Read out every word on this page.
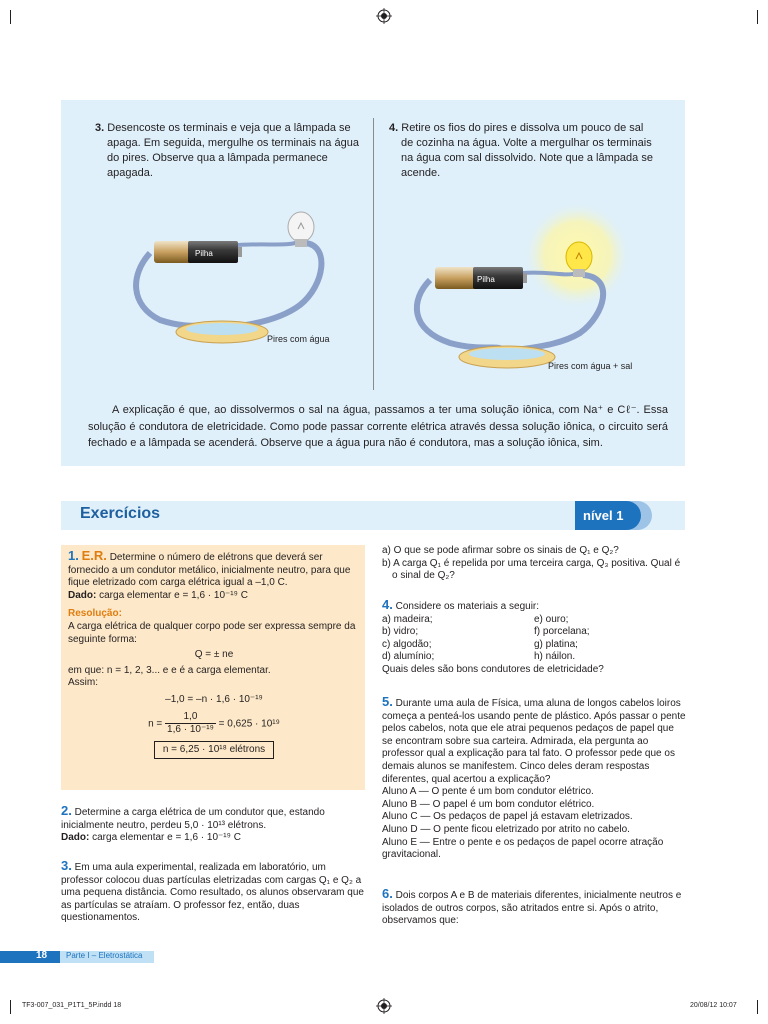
3. Desencoste os terminais e veja que a lâmpada se apaga. Em seguida, mergulhe os terminais na água do pires. Observe qua a lâmpada permanece apagada.
4. Retire os fios do pires e dissolva um pouco de sal de cozinha na água. Volte a mergulhar os terminais na água com sal dissolvido. Note que a lâmpada se acende.
Pilha
Pires com água
Pilha
Pires com água + sal
A explicação é que, ao dissolvermos o sal na água, passamos a ter uma solução iônica, com Na⁺ e Cℓ⁻. Essa solução é condutora de eletricidade. Como pode passar corrente elétrica através dessa solução iônica, o circuito será fechado e a lâmpada se acenderá. Observe que a água pura não é condutora, mas a solução iônica, sim.
Exercícios	nível 1
1. E.R. Determine o número de elétrons que deverá ser fornecido a um condutor metálico, inicialmente neutro, para que fique eletrizado com carga elétrica igual a –1,0 C.
Dado: carga elementar e = 1,6 · 10⁻¹⁹ C
Resolução:
A carga elétrica de qualquer corpo pode ser expressa sempre da seguinte forma:
Q = ± ne
em que: n = 1, 2, 3... e e é a carga elementar.
Assim:
–1,0 = –n · 1,6 · 10⁻¹⁹
$n = \frac{1,0}{\text{1,6 · 10⁻¹⁹}} = 0,625 \cdot 10^{19}$
n = 6,25 · 10¹⁸ elétrons
2. Determine a carga elétrica de um condutor que, estando inicialmente neutro, perdeu 5,0 · 10¹³ elétrons.
Dado: carga elementar e = 1,6 · 10⁻¹⁹ C
3. Em uma aula experimental, realizada em laboratório, um professor colocou duas partículas eletrizadas com cargas Q₁ e Q₂ a uma pequena distância. Como resultado, os alunos observaram que as partículas se atraíam. O professor fez, então, duas questionamentos.
a) O que se pode afirmar sobre os sinais de Q₁ e Q₂?
b) A carga Q₁ é repelida por uma terceira carga, Q₃ positiva. Qual é o sinal de Q₂?
4. Considere os materiais a seguir:
a) madeira;	e) ouro;
b) vidro;	f) porcelana;
c) algodão;	g) platina;
d) alumínio;	h) náilon.
Quais deles são bons condutores de eletricidade?
5. Durante uma aula de Física, uma aluna de longos cabelos loiros começa a penteá-los usando pente de plástico. Após passar o pente pelos cabelos, nota que ele atrai pequenos pedaços de papel que se encontram sobre sua carteira. Admirada, ela pergunta ao professor qual a explicação para tal fato. O professor pede que os demais alunos se manifestem. Cinco deles deram respostas diferentes, qual acertou a explicação?
Aluno A — O pente é um bom condutor elétrico.
Aluno B — O papel é um bom condutor elétrico.
Aluno C — Os pedaços de papel já estavam eletrizados.
Aluno D — O pente ficou eletrizado por atrito no cabelo.
Aluno E — Entre o pente e os pedaços de papel ocorre atração gravitacional.
6. Dois corpos A e B de materiais diferentes, inicialmente neutros e isolados de outros corpos, são atritados entre si. Após o atrito, observamos que:
18 Parte I – Eletrostática
TF3-007_031_P1T1_5P.indd 18	20/08/12 10:07
